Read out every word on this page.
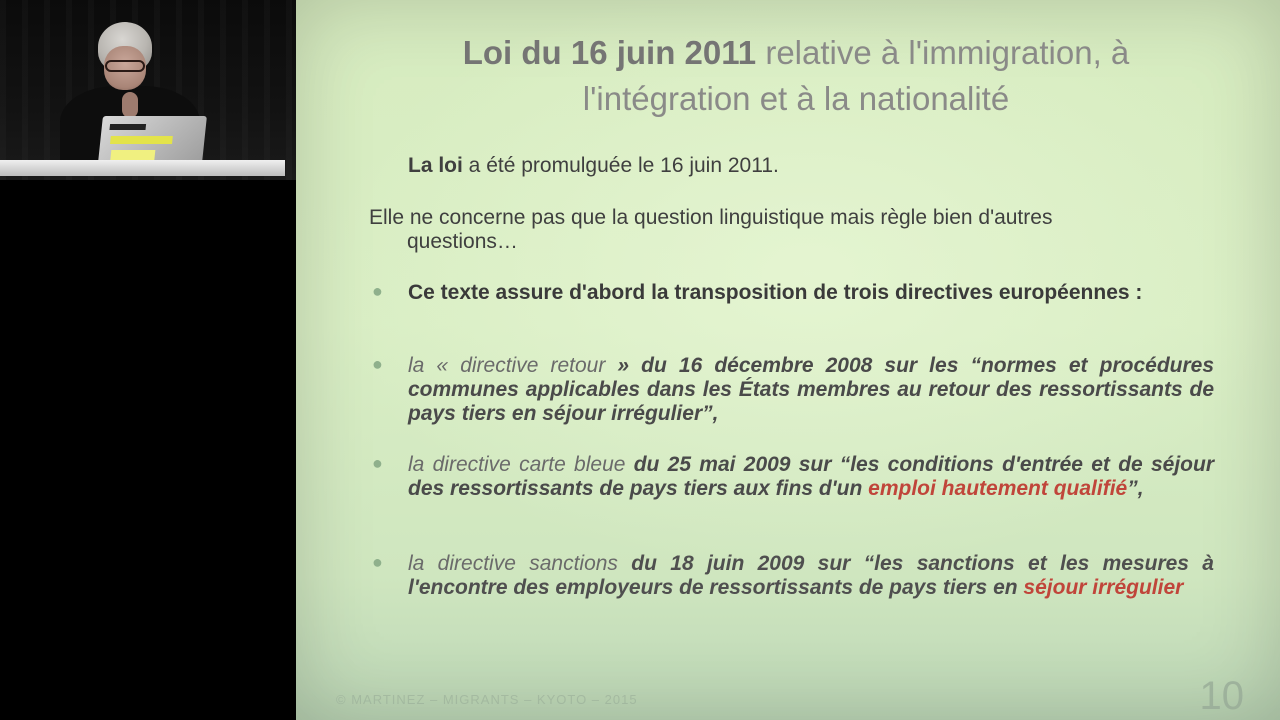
Loi du 16 juin 2011 relative à l'immigration, à
l'intégration et à la nationalité
La loi a été promulguée le 16 juin 2011.
Elle ne concerne pas que la question linguistique mais règle bien d'autres
questions…
● Ce texte assure d'abord la transposition de trois directives européennes :
● la « directive retour » du 16 décembre 2008 sur les “normes et procédures communes applicables dans les États membres au retour des ressortissants de pays tiers en séjour irrégulier”,
● la directive carte bleue du 25 mai 2009 sur “les conditions d'entrée et de séjour des ressortissants de pays tiers aux fins d'un emploi hautement qualifié”,
● la directive sanctions du 18 juin 2009 sur “les sanctions et les mesures à l'encontre des employeurs de ressortissants de pays tiers en séjour irrégulier
© MARTINEZ – MIGRANTS – KYOTO – 2015	10
